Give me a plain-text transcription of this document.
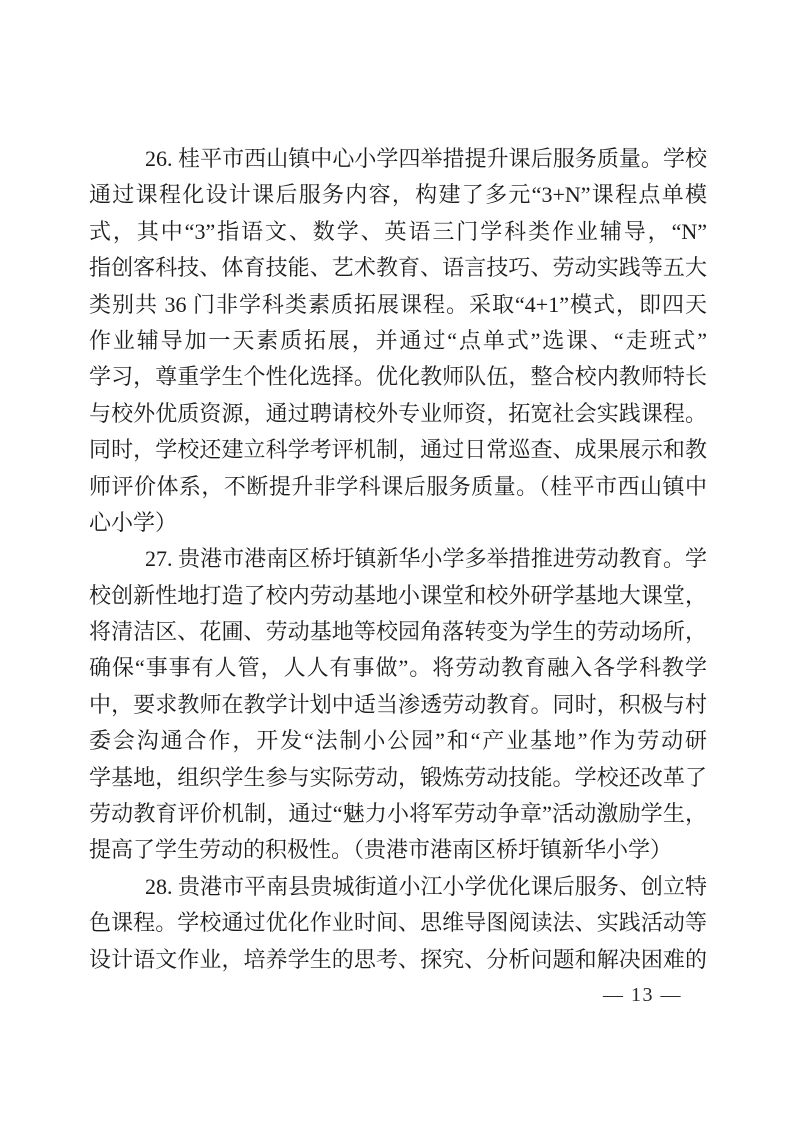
26. 桂平市西山镇中心小学四举措提升课后服务质量。学校
通过课程化设计课后服务内容，构建了多元“3+N”课程点单模
式，其中“3”指语文、数学、英语三门学科类作业辅导，“N”
指创客科技、体育技能、艺术教育、语言技巧、劳动实践等五大
类别共 36 门非学科类素质拓展课程。采取“4+1”模式，即四天
作业辅导加一天素质拓展，并通过“点单式”选课、“走班式”
学习，尊重学生个性化选择。优化教师队伍，整合校内教师特长
与校外优质资源，通过聘请校外专业师资，拓宽社会实践课程。
同时，学校还建立科学考评机制，通过日常巡查、成果展示和教
师评价体系，不断提升非学科课后服务质量。（桂平市西山镇中
心小学）

27. 贵港市港南区桥圩镇新华小学多举措推进劳动教育。学
校创新性地打造了校内劳动基地小课堂和校外研学基地大课堂，
将清洁区、花圃、劳动基地等校园角落转变为学生的劳动场所，
确保“事事有人管，人人有事做”。将劳动教育融入各学科教学
中，要求教师在教学计划中适当渗透劳动教育。同时，积极与村
委会沟通合作，开发“法制小公园”和“产业基地”作为劳动研
学基地，组织学生参与实际劳动，锻炼劳动技能。学校还改革了
劳动教育评价机制，通过“魅力小将军劳动争章”活动激励学生，
提高了学生劳动的积极性。（贵港市港南区桥圩镇新华小学）

28. 贵港市平南县贵城街道小江小学优化课后服务、创立特
色课程。学校通过优化作业时间、思维导图阅读法、实践活动等
设计语文作业，培养学生的思考、探究、分析问题和解决困难的

— 13 —
